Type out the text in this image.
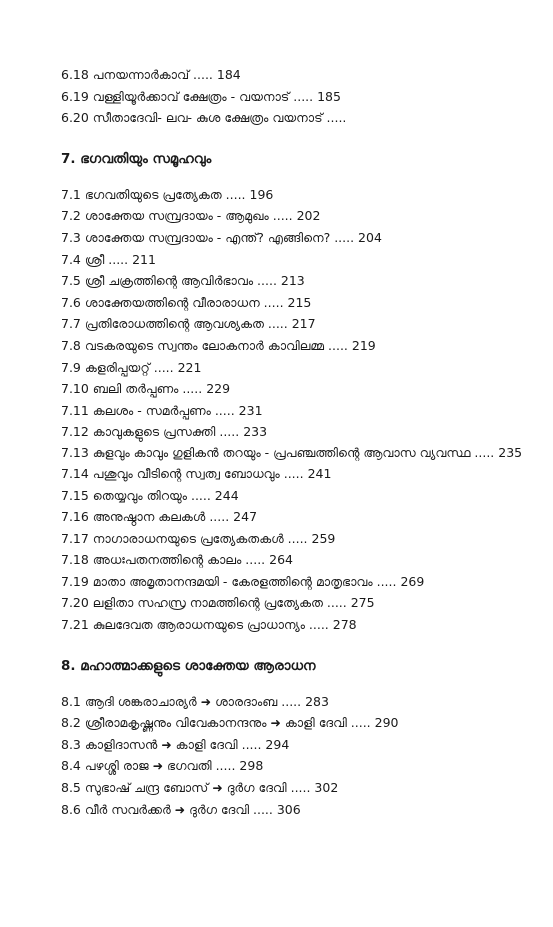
6.18 പനയന്നാർകാവ് ..... 184
6.19 വള്ളിയൂർക്കാവ് ക്ഷേത്രം - വയനാട് ..... 185
6.20 സീതാദേവി- ലവ- കുശ ക്ഷേത്രം വയനാട് .....
7. ഭഗവതിയും സമൂഹവും
7.1 ഭഗവതിയുടെ പ്രത്യേകത ..... 196
7.2 ശാക്തേയ സമ്പ്രദായം - ആമുഖം ..... 202
7.3 ശാക്തേയ സമ്പ്രദായം - എന്ത്? എങ്ങിനെ? ..... 204
7.4 ശ്രീ ..... 211
7.5 ശ്രീ ചക്രത്തിന്റെ ആവിർഭാവം ..... 213
7.6 ശാക്തേയത്തിന്റെ വീരാരാധന ..... 215
7.7 പ്രതിരോധത്തിന്റെ ആവശ്യകത ..... 217
7.8 വടകരയുടെ സ്വന്തം ലോകനാർ കാവിലമ്മ ..... 219
7.9 കളരിപ്പയറ്റ് ..... 221
7.10 ബലി തർപ്പണം ..... 229
7.11 കലശം - സമർപ്പണം ..... 231
7.12 കാവുകളുടെ പ്രസക്തി ..... 233
7.13 കുളവും കാവും ഗുളികൻ തറയും - പ്രപഞ്ചത്തിന്റെ ആവാസ വ്യവസ്ഥ ..... 235
7.14 പശുവും വീടിന്റെ സ്വത്വ ബോധവും ..... 241
7.15 തെയ്യവും തിറയും ..... 244
7.16 അനുഷ്ഠാന കലകൾ ..... 247
7.17 നാഗാരാധനയുടെ പ്രത്യേകതകൾ ..... 259
7.18 അധഃപതനത്തിന്റെ കാലം ..... 264
7.19 മാതാ അമൃതാനന്ദമയി - കേരളത്തിന്റെ മാതൃഭാവം ..... 269
7.20 ലളിതാ സഹസ്ര നാമത്തിന്റെ പ്രത്യേകത ..... 275
7.21 കുലദേവത ആരാധനയുടെ പ്രാധാന്യം ..... 278
8. മഹാത്മാക്കളുടെ ശാക്തേയ ആരാധന
8.1 ആദി ശങ്കരാചാര്യർ ➜ ശാരദാംബ ..... 283
8.2 ശ്രീരാമകൃഷ്ണനും വിവേകാനന്ദനും ➜ കാളി ദേവി ..... 290
8.3 കാളിദാസൻ ➜ കാളി ദേവി ..... 294
8.4 പഴശ്ശി രാജ ➜ ഭഗവതി ..... 298
8.5 സുഭാഷ് ചന്ദ്ര ബോസ് ➜ ദുർഗ ദേവി ..... 302
8.6 വീർ സവർക്കർ ➜ ദുർഗ ദേവി ..... 306
